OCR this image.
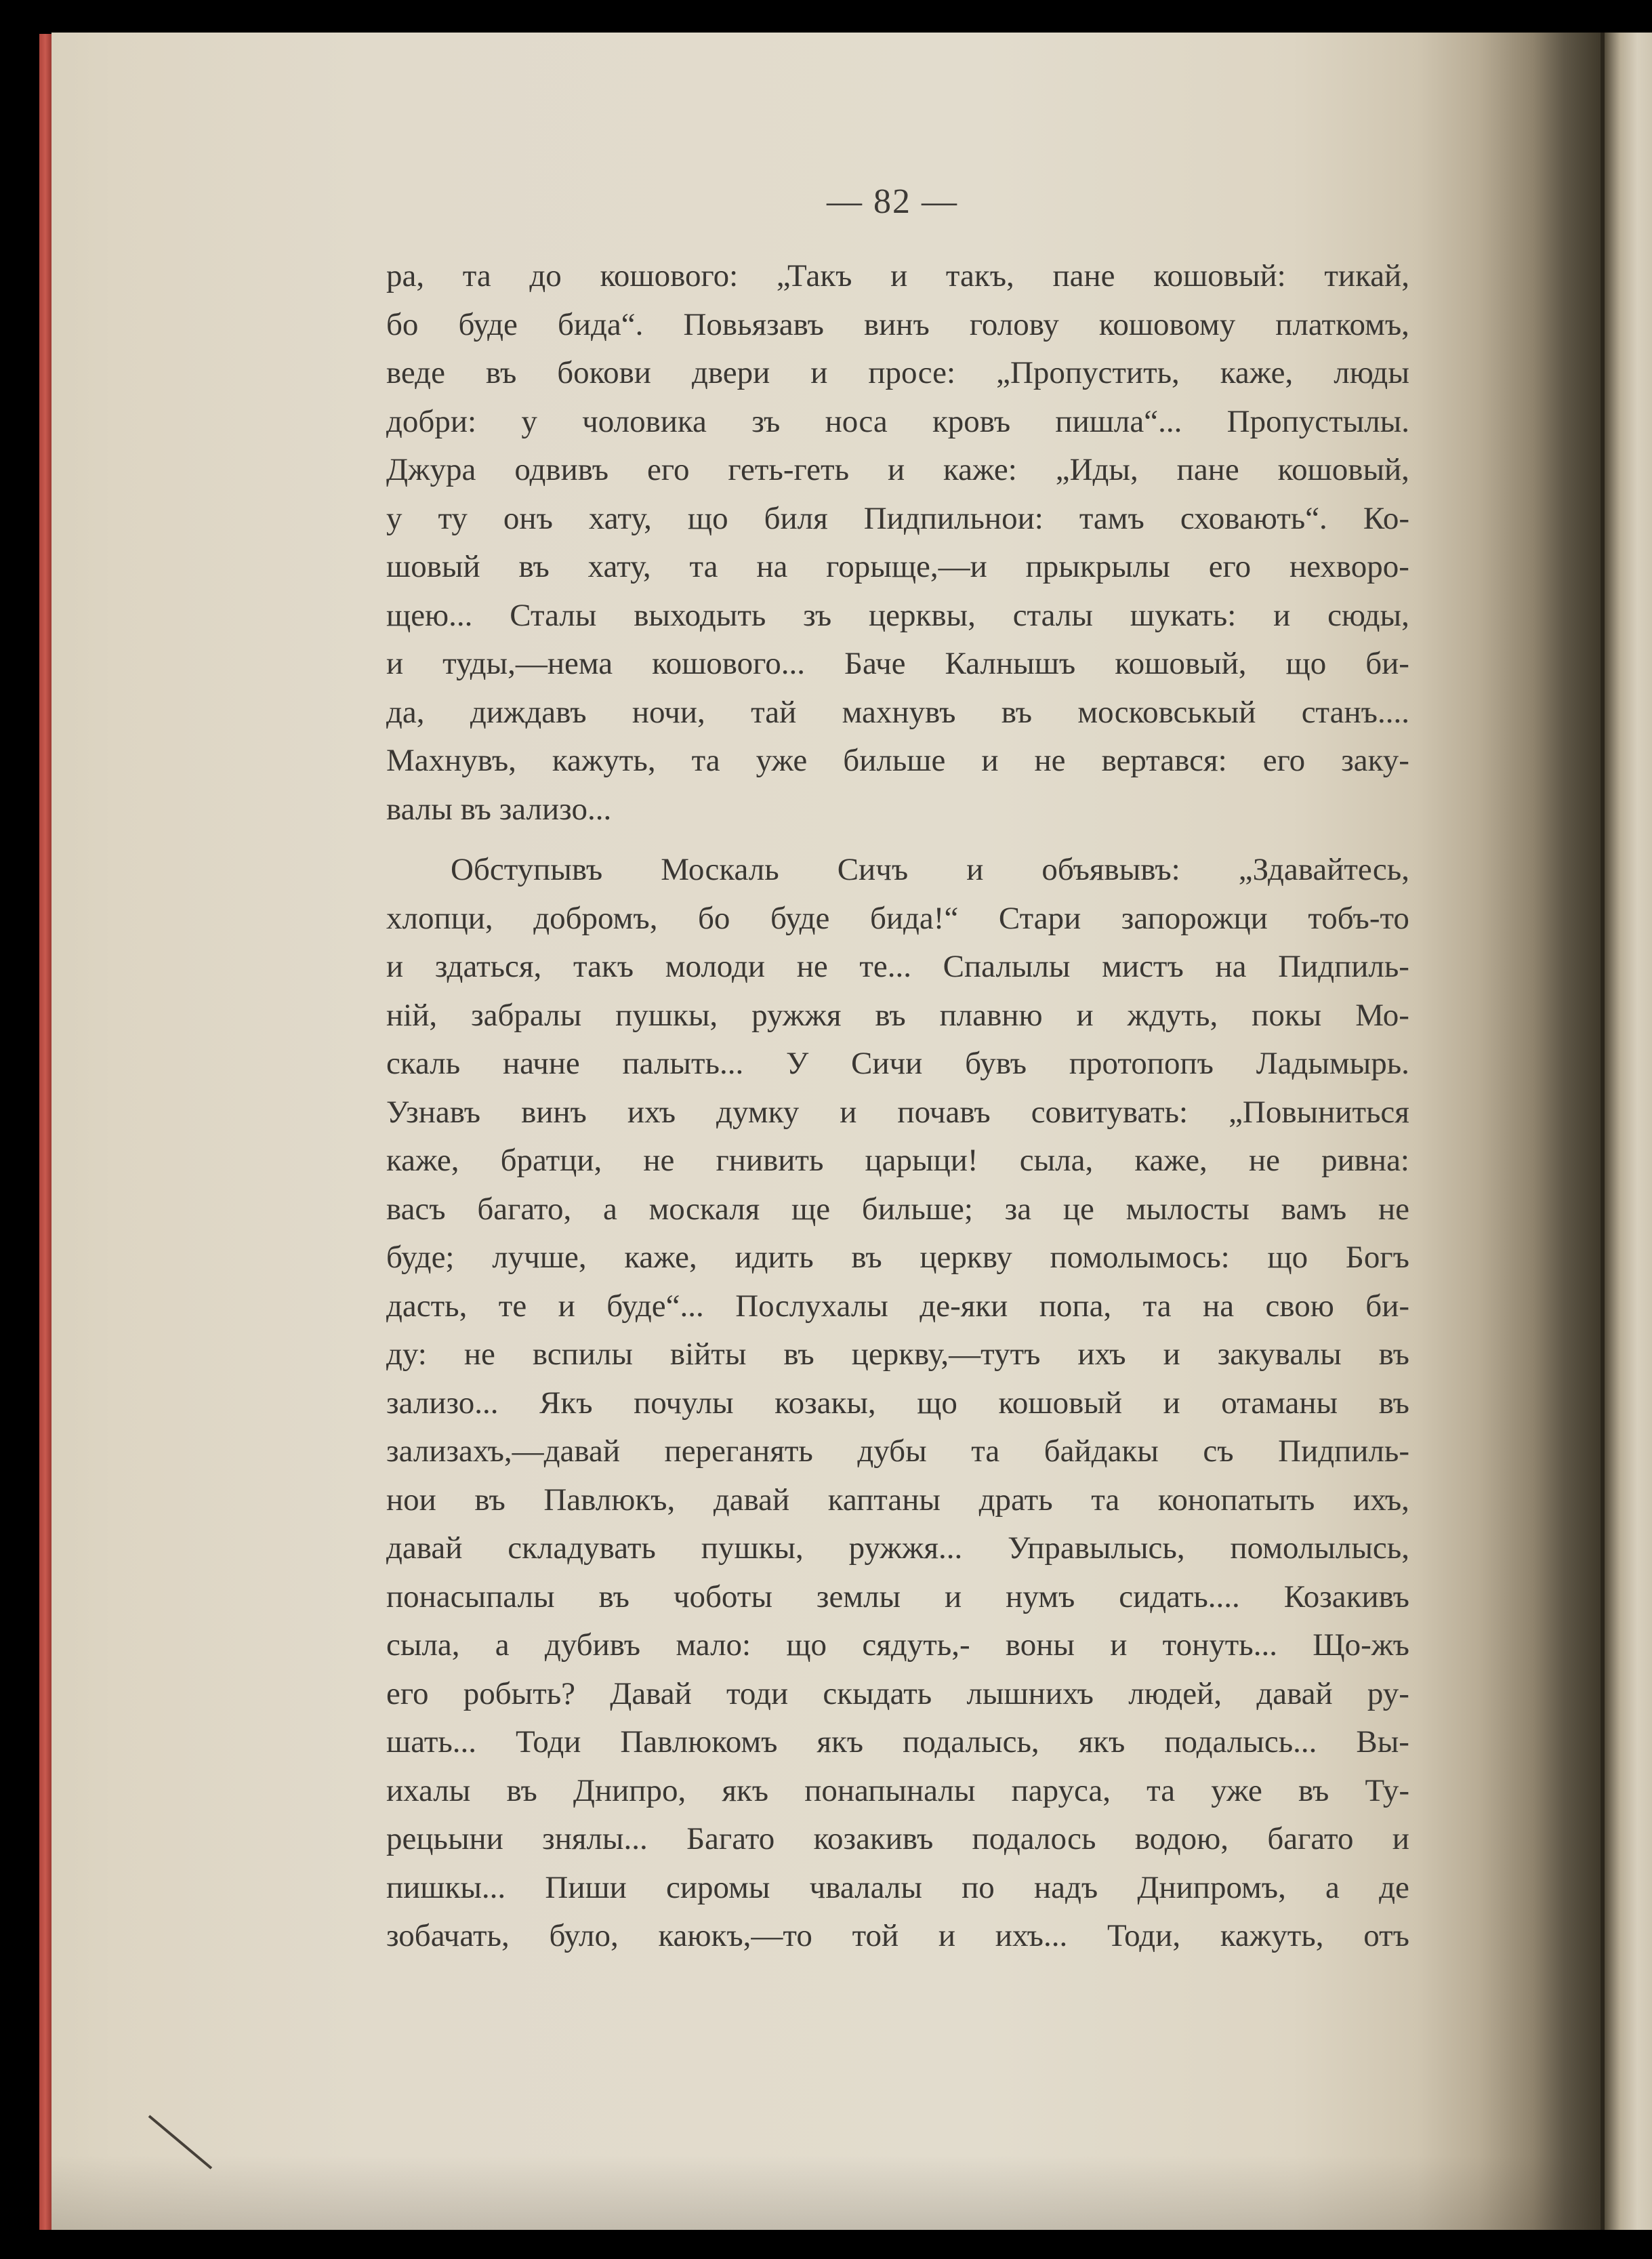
— 82 —
ра, та до кошового: „Такъ и такъ, пане кошовый: тикай,
бо буде бида“. Повьязавъ винъ голову кошовому платкомъ,
веде въ бокови двери и просе: „Пропустить, каже, люды
добри: у чоловика зъ носа кровъ пишла“... Пропустылы.
Джура одвивъ его геть-геть и каже: „Иды, пане кошовый,
у ту онъ хату, що биля Пидпильнои: тамъ сховають“. Ко-
шовый въ хату, та на горыще,—и прыкрылы его нехворо-
щею... Сталы выходыть зъ церквы, сталы шукать: и сюды,
и туды,—нема кошового... Баче Калнышъ кошовый, що би-
да, диждавъ ночи, тай махнувъ въ московськый станъ....
Махнувъ, кажуть, та уже бильше и не вертався: его заку-
валы въ зализо...
Обступывъ Москаль Сичъ и объявывъ: „Здавайтесь,
хлопци, добромъ, бо буде бида!“ Стари запорожци тобъ-то
и здаться, такъ молоди не те... Спалылы мистъ на Пидпиль-
ній, забралы пушкы, ружжя въ плавню и ждуть, покы Мо-
скаль начне палыть... У Сичи бувъ протопопъ Ладымырь.
Узнавъ винъ ихъ думку и почавъ совитувать: „Повыниться
каже, братци, не гнивить царыци! сыла, каже, не ривна:
васъ багато, а москаля ще бильше; за це мылосты вамъ не
буде; лучше, каже, идить въ церкву помолымось: що Богъ
дасть, те и буде“... Послухалы де-яки попа, та на свою би-
ду: не вспилы війты въ церкву,—тутъ ихъ и закувалы въ
зализо... Якъ почулы козакы, що кошовый и отаманы въ
зализахъ,—давай переганять дубы та байдакы съ Пидпиль-
нои въ Павлюкъ, давай каптаны драть та конопатыть ихъ,
давай складувать пушкы, ружжя... Управылысь, помолылысь,
понасыпалы въ чоботы землы и нумъ сидать.... Козакивъ
сыла, а дубивъ мало: що сядуть,- воны и тонуть... Що-жъ
его робыть? Давай тоди скыдать лышнихъ людей, давай ру-
шать... Тоди Павлюкомъ якъ подалысь, якъ подалысь... Вы-
ихалы въ Днипро, якъ понапыналы паруса, та уже въ Ту-
рецьыни знялы... Багато козакивъ подалось водою, багато и
пишкы... Пиши сиромы чвалалы по надъ Днипромъ, а де
зобачать, було, каюкъ,—то той и ихъ... Тоди, кажуть, отъ
